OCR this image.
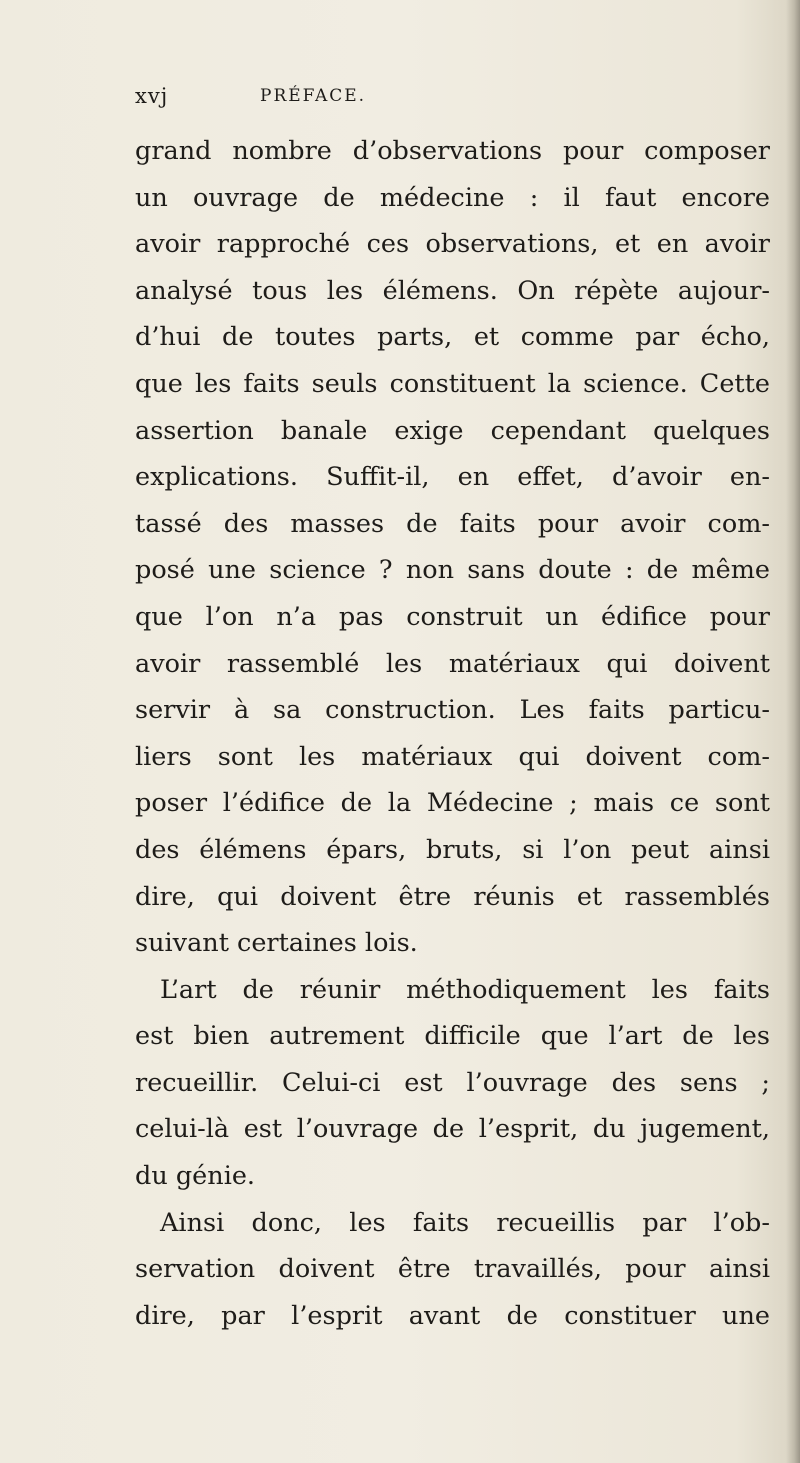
xvj	PRÉFACE.
grand nombre d’observations pour composer
un ouvrage de médecine : il faut encore
avoir rapproché ces observations, et en avoir
analysé tous les élémens. On répète aujour-
d’hui de toutes parts, et comme par écho,
que les faits seuls constituent la science. Cette
assertion banale exige cependant quelques
explications. Suffit-il, en effet, d’avoir en-
tassé des masses de faits pour avoir com-
posé une science ? non sans doute : de même
que l’on n’a pas construit un édifice pour
avoir rassemblé les matériaux qui doivent
servir à sa construction. Les faits particu-
liers sont les matériaux qui doivent com-
poser l’édifice de la Médecine ; mais ce sont
des élémens épars, bruts, si l’on peut ainsi
dire, qui doivent être réunis et rassemblés
suivant certaines lois.
L’art de réunir méthodiquement les faits
est bien autrement difficile que l’art de les
recueillir. Celui-ci est l’ouvrage des sens ;
celui-là est l’ouvrage de l’esprit, du jugement,
du génie.
Ainsi donc, les faits recueillis par l’ob-
servation doivent être travaillés, pour ainsi
dire, par l’esprit avant de constituer une
